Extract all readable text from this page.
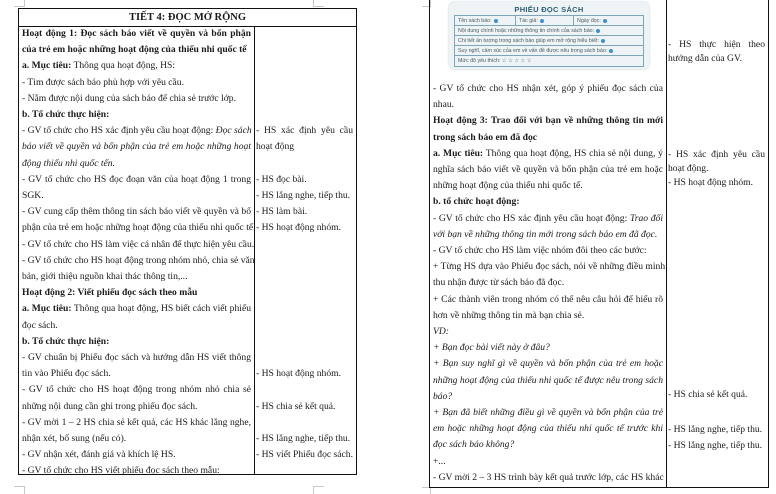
TIẾT 4: ĐỌC MỞ RỘNG
Hoạt động 1: Đọc sách báo viết về quyền và bổn phận
của trẻ em hoặc những hoạt động của thiếu nhi quốc tế
a. Mục tiêu: Thông qua hoạt động, HS:
- Tìm được sách báo phù hợp với yêu cầu.
- Nắm được nội dung của sách báo để chia sẻ trước lớp.
b. Tổ chức thực hiện:
- GV tổ chức cho HS xác định yêu cầu hoạt động: Đọc sách
báo viết về quyền và bổn phận của trẻ em hoặc những hoạt
động thiếu nhi quốc tến.
- GV tổ chức cho HS đọc đoạn văn của hoạt động 1 trong
SGK.
- GV cung cấp thêm thông tin sách báo viết về quyền và bổ
phận của trẻ em hoặc những hoạt động của thiếu nhi quốc tế.
- GV tổ chức cho HS làm việc cá nhân để thực hiện yêu cầu.
- GV tổ chức cho HS hoạt động trong nhóm nhỏ, chia sẻ văn
bản, giới thiệu nguồn khai thác thông tin,...
Hoạt động 2: Viết phiếu đọc sách theo mẫu
a. Mục tiêu: Thông qua hoạt động, HS biết cách viết phiếu
đọc sách.
b. Tổ chức thực hiện:
- GV chuẩn bị Phiếu đọc sách và hướng dẫn HS viết thông
tin vào Phiếu đọc sách.
- GV tổ chức cho HS hoạt động trong nhóm nhỏ chia sẻ
những nội dung cần ghi trong phiếu đọc sách.
- GV mời 1 – 2 HS chia sẻ kết quả, các HS khác lắng nghe,
nhận xét, bổ sung (nếu có).
- GV nhận xét, đánh giá và khích lệ HS.
- GV tổ chức cho HS viết phiếu đọc sách theo mẫu:
- HS xác định yêu cầu
hoạt động
- HS đọc bài.
- HS lắng nghe, tiếp thu.
- HS làm bài.
- HS hoạt động nhóm.
- HS hoạt động nhóm.
- HS chia sẻ kết quả.
- HS lắng nghe, tiếp thu.
- HS viết Phiếu đọc sách.
PHIẾU ĐỌC SÁCH
Tên sách báo:	Tác giả:	Ngày đọc:
Nội dung chính hoặc những thông tin chính của sách báo:
Chi tiết ấn tượng trong sách báo giúp em mở rộng hiểu biết:
Suy nghĩ, cảm xúc của em về vấn đề được nêu trong sách báo:
Mức độ yêu thích: ☆ ☆ ☆ ☆ ☆
- GV tổ chức cho HS nhận xét, góp ý phiếu đọc sách của
nhau.
Hoạt động 3: Trao đổi với bạn về những thông tin mới
trong sách báo em đã đọc
a. Mục tiêu: Thông qua hoạt động, HS chia sẻ nội dung, ý
nghĩa sách báo viết về quyền và bổn phận của trẻ em hoặc
những hoạt động của thiếu nhi quốc tế.
b. tổ chức hoạt động:
- GV tổ chức cho HS xác định yêu cầu hoạt động: Trao đổi
với bạn về những thông tin mới trong sách báo em đã đọc.
- GV tổ chức cho HS làm việc nhóm đôi theo các bước:
+ Từng HS dựa vào Phiếu đọc sách, nói về những điều mình
thu nhận được từ sách báo đã đọc.
+ Các thành viên trong nhóm có thể nêu câu hỏi để hiểu rõ
hơn về những thông tin mà bạn chia sẻ.
VD:
+ Bạn đọc bài viết này ở đâu?
+ Bạn suy nghĩ gì về quyền và bổn phận của trẻ em hoặc
những hoạt động của thiếu nhi quốc tế được nêu trong sách
báo?
+ Bạn đã biết những điều gì về quyền và bổn phận của trẻ
em hoặc những hoạt động của thiếu nhi quốc tế trước khi
đọc sách báo không?
+...
- GV mời 2 – 3 HS trình bày kết quả trước lớp, các HS khác
- HS thực hiện theo
hướng dẫn của GV.
- HS xác định yêu cầu
hoạt động.
- HS hoạt động nhóm.
- HS chia sẻ kết quả.
- HS lắng nghe, tiếp thu.
- HS lắng nghe, tiếp thu.
